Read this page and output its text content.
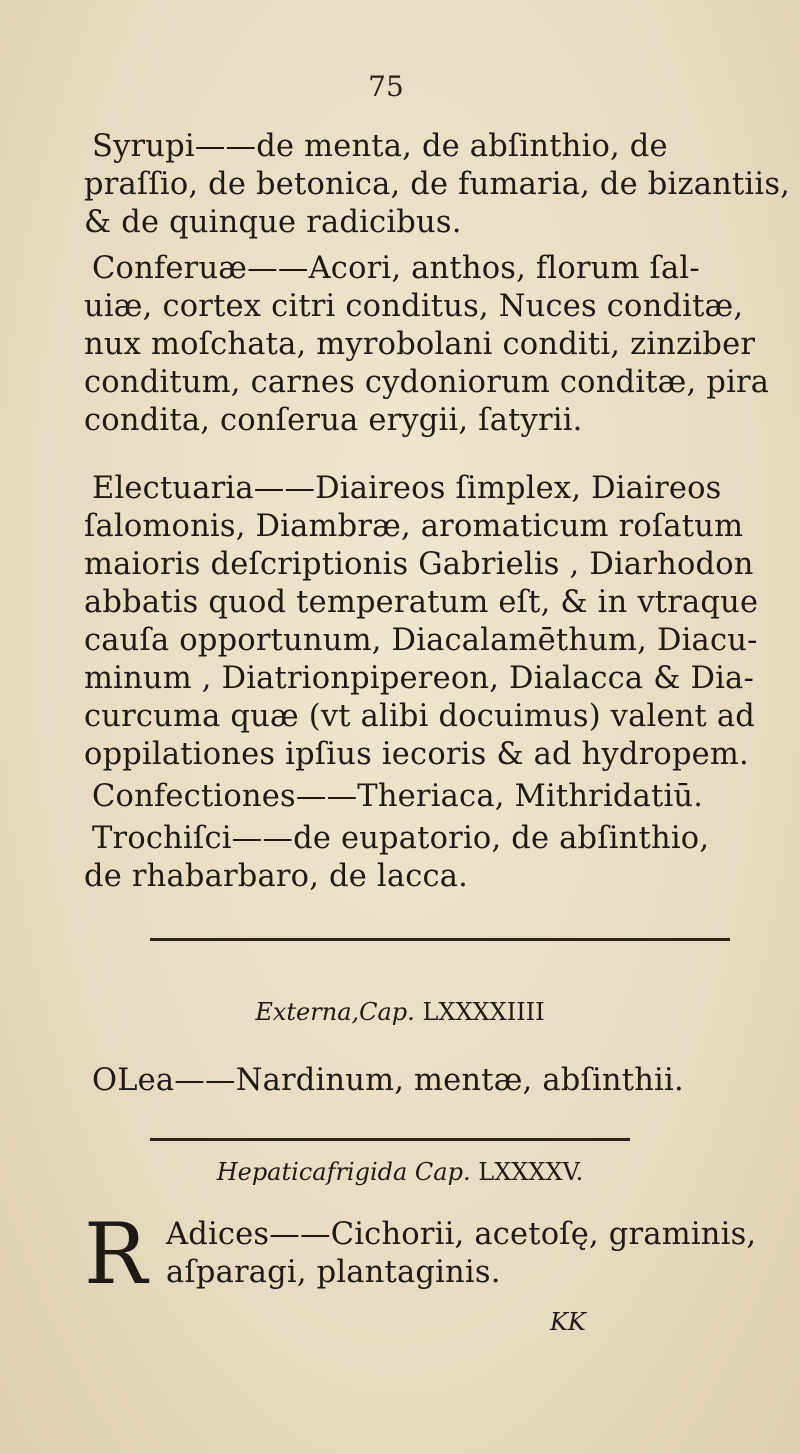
75
Syrupi——de menta, de abſinthio, de
praſſio, de betonica, de fumaria, de bizantiis,
& de quinque radicibus.
Conferuæ——Acori, anthos, florum ſal-
uiæ, cortex citri conditus, Nuces conditæ,
nux moſchata, myrobolani conditi, zinziber
conditum, carnes cydoniorum conditæ, pira
condita, conſerua erygii, ſatyrii.
Electuaria——Diaireos ſimplex, Diaireos
ſalomonis, Diambræ, aromaticum roſatum
maioris deſcriptionis Gabrielis , Diarhodon
abbatis quod temperatum eſt, & in vtraque
cauſa opportunum, Diacalamēthum, Diacu-
minum , Diatrionpipereon, Dialacca & Dia-
curcuma quæ (vt alibi docuimus) valent ad
oppilationes ipſius iecoris & ad hydropem.
Confectiones——Theriaca, Mithridatiū.
Trochiſci——de eupatorio, de abſinthio,
de rhabarbaro, de lacca.
Externa,Cap. LXXXXIIII
OLea——Nardinum, mentæ, abſinthii.
Hepaticafrigida Cap. LXXXXV.
R Adices——Cichorii, acetoſę, graminis,
aſparagi, plantaginis.
KK
